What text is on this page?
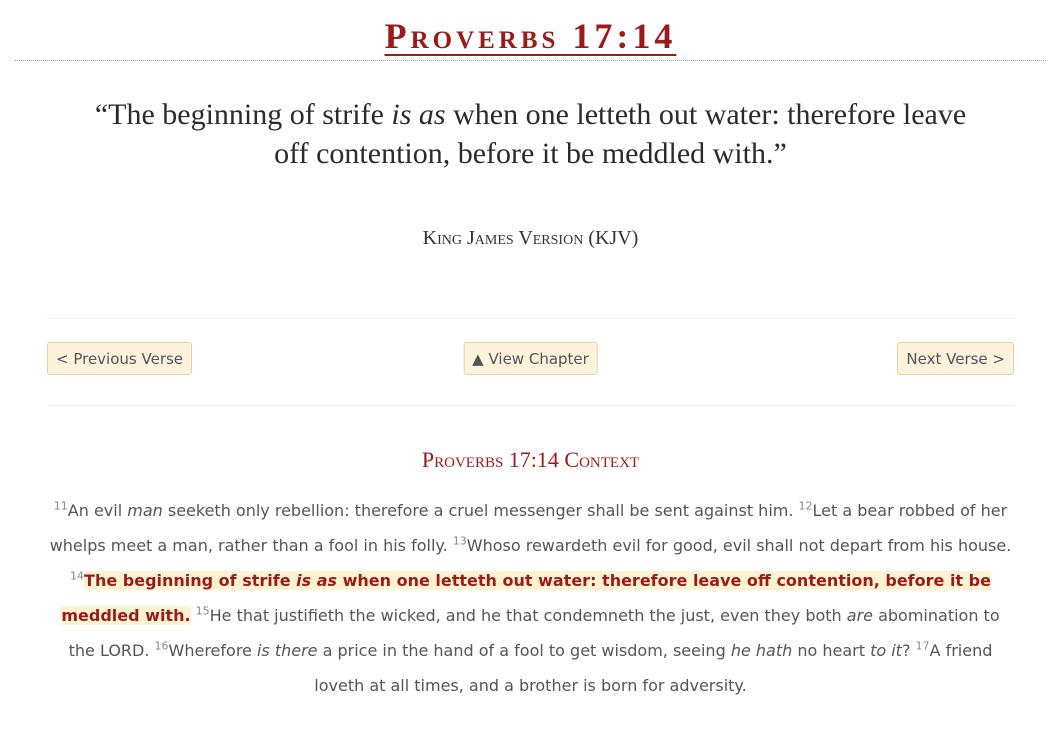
Proverbs 17:14
“The beginning of strife is as when one letteth out water: therefore leave off contention, before it be meddled with.”
King James Version (KJV)
< Previous Verse	▲ View Chapter	Next Verse >
Proverbs 17:14 Context
$^{11}$An evil man seeketh only rebellion: therefore a cruel messenger shall be sent against him. $^{12}$Let a bear robbed of her whelps meet a man, rather than a fool in his folly. $^{13}$Whoso rewardeth evil for good, evil shall not depart from his house. $^{14}$The beginning of strife is as when one letteth out water: therefore leave off contention, before it be meddled with. $^{15}$He that justifieth the wicked, and he that condemneth the just, even they both are abomination to the LORD. $^{16}$Wherefore is there a price in the hand of a fool to get wisdom, seeing he hath no heart to it? $^{17}$A friend loveth at all times, and a brother is born for adversity.
